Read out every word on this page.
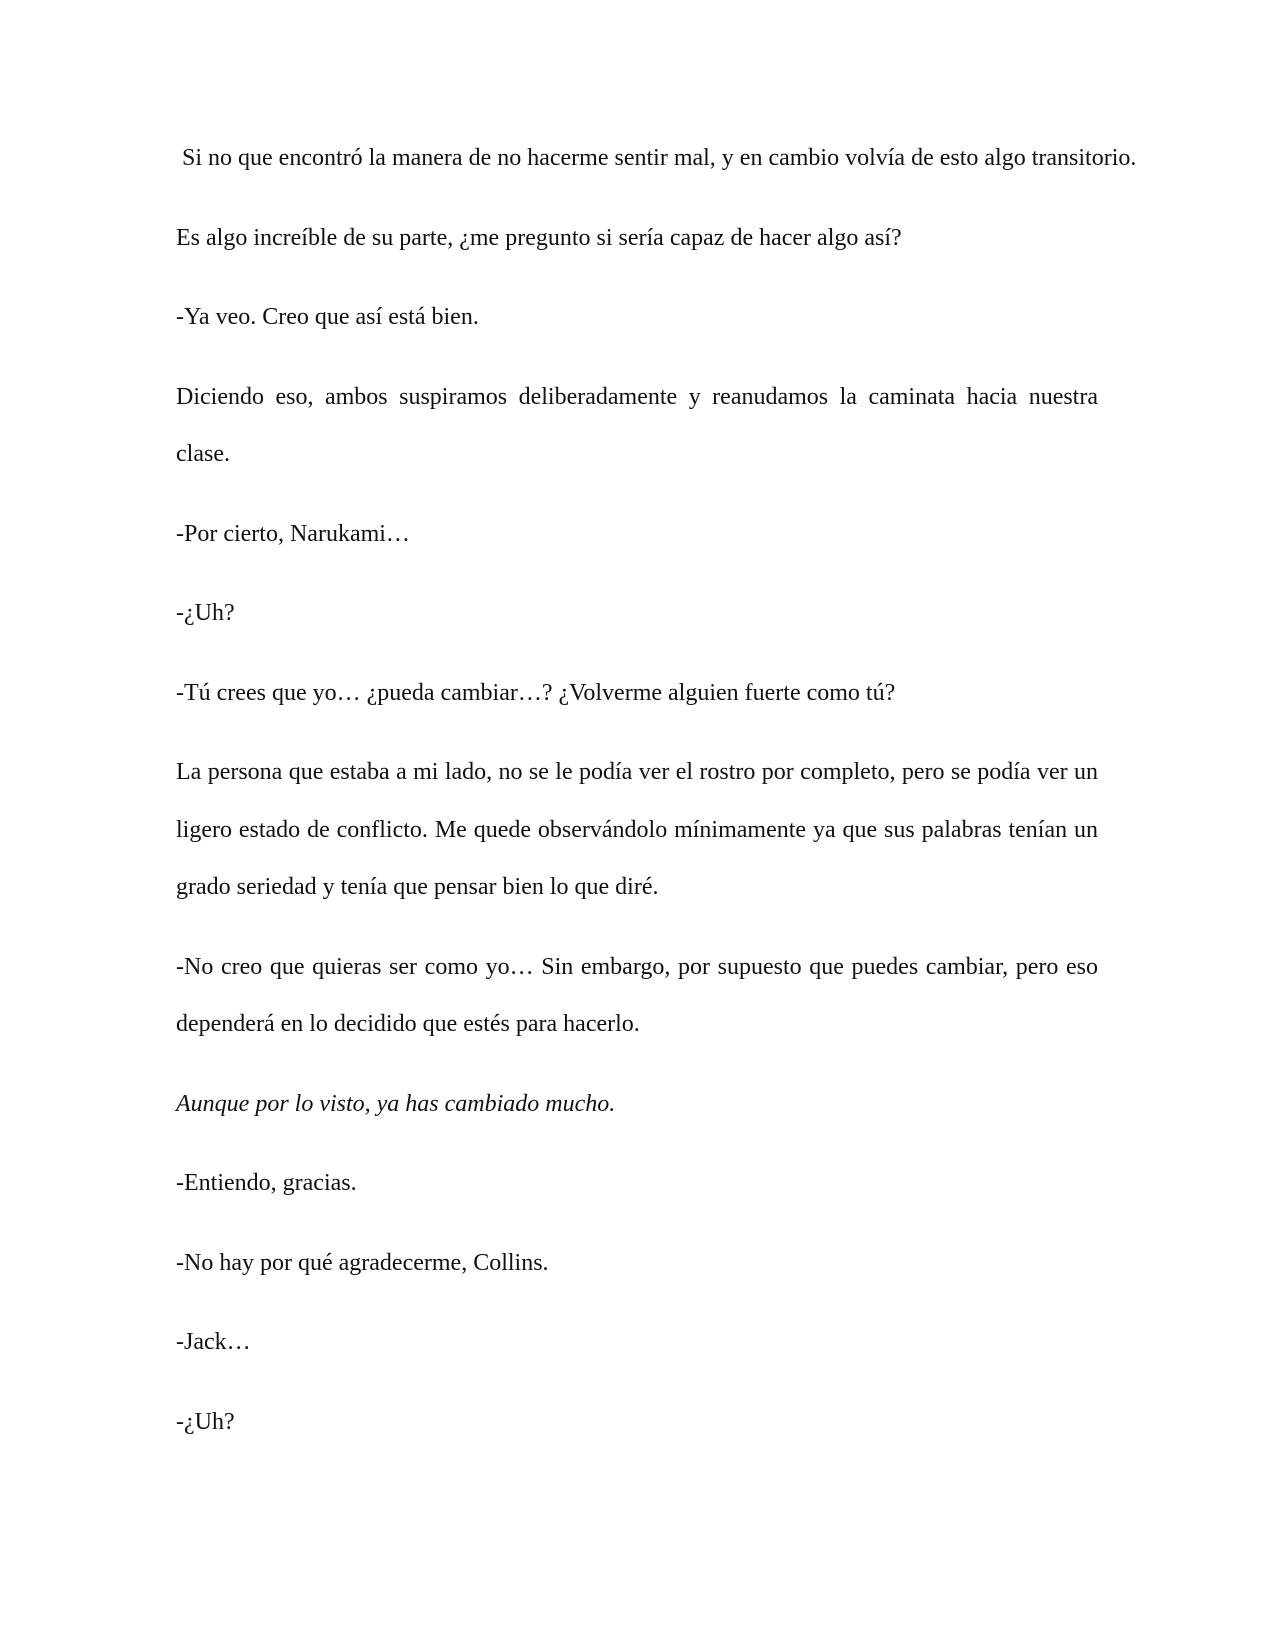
Si no que encontró la manera de no hacerme sentir mal, y en cambio volvía de esto algo transitorio.

Es algo increíble de su parte, ¿me pregunto si sería capaz de hacer algo así?

-Ya veo. Creo que así está bien.

Diciendo eso, ambos suspiramos deliberadamente y reanudamos la caminata hacia nuestra clase.

-Por cierto, Narukami…

-¿Uh?

-Tú crees que yo… ¿pueda cambiar…? ¿Volverme alguien fuerte como tú?

La persona que estaba a mi lado, no se le podía ver el rostro por completo, pero se podía ver un ligero estado de conflicto. Me quede observándolo mínimamente ya que sus palabras tenían un grado seriedad y tenía que pensar bien lo que diré.

-No creo que quieras ser como yo… Sin embargo, por supuesto que puedes cambiar, pero eso dependerá en lo decidido que estés para hacerlo.

Aunque por lo visto, ya has cambiado mucho.

-Entiendo, gracias.

-No hay por qué agradecerme, Collins.

-Jack…

-¿Uh?
